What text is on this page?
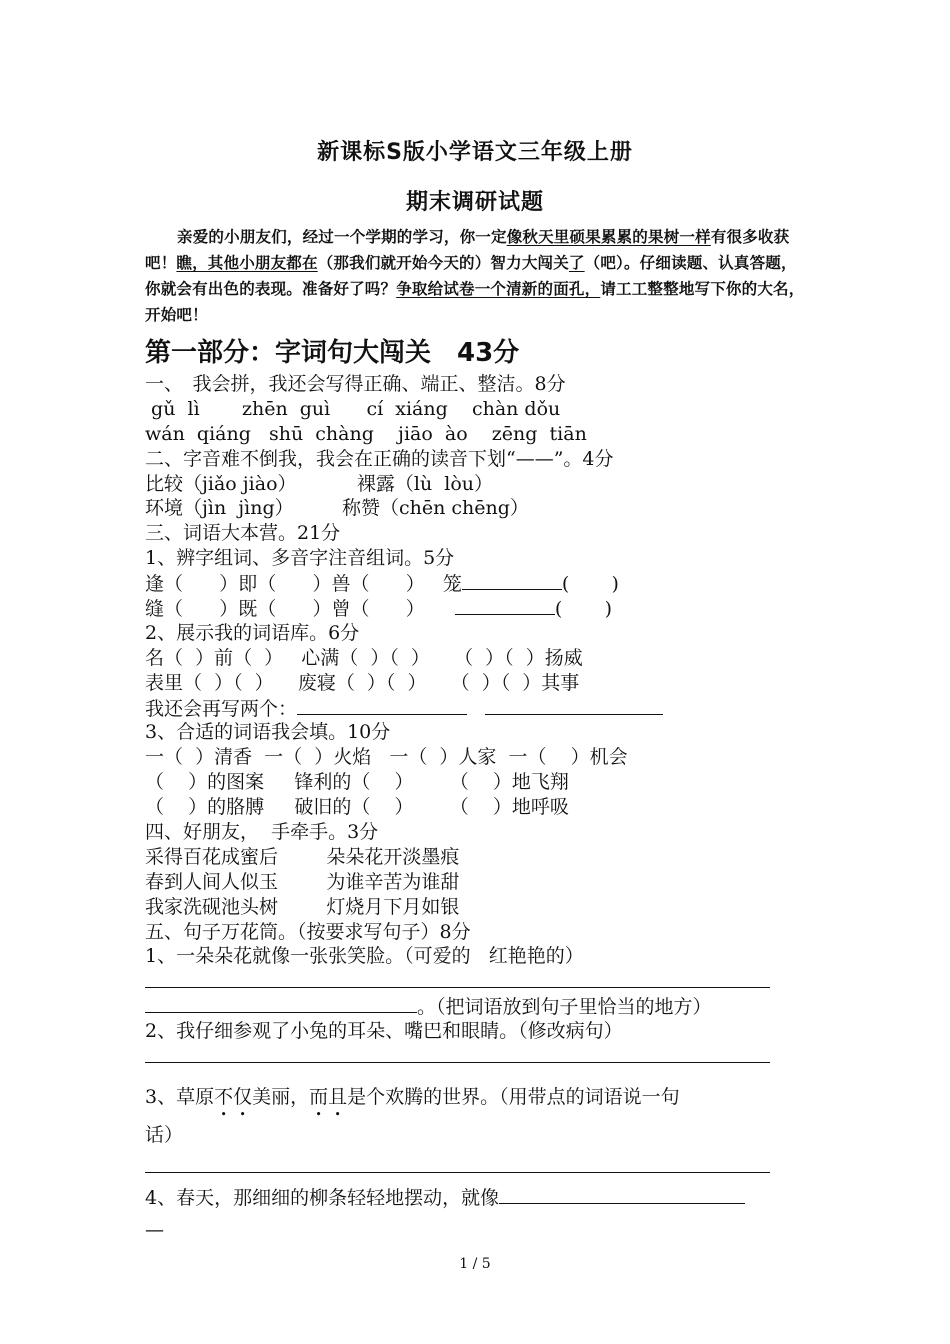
新课标S版小学语文三年级上册
期末调研试题
亲爱的小朋友们，经过一个学期的学习，你一定像秋天里硕果累累的果树一样有很多收获吧！瞧，其他小朋友都在（那我们就开始今天的）智力大闯关了（吧）。仔细读题、认真答题，你就会有出色的表现。准备好了吗？争取给试卷一个清新的面孔，请工工整整地写下你的大名，开始吧！
第一部分：字词句大闯关　43分
一、　我会拼，我还会写得正确、端正、整洁。8分
gǔ  lì       zhēn  guì      cí  xiáng    chàn dǒu
wán  qiáng   shū  chàng    jiāo  ào    zēng  tiān
二、字音难不倒我，我会在正确的读音下划“——”。4分
比较（jiǎo jiào）          裸露（lù  lòu）
环境（jìn  jìng）        称赞（chēn chēng）
三、词语大本营。21分
1、辨字组词、多音字注音组词。5分
逢（      ）即（      ）兽（      ）   笼	(       )
缝（      ）既（      ）曾（      ）	(       )
2、展示我的词语库。6分
名（  ）前（  ）   心满（  ）（  ）    （  ）（  ）扬威
表里（  ）（  ）    废寝（  ）（  ）    （  ）（  ）其事
我还会再写两个：
3、合适的词语我会填。10分
一（  ）清香  一（  ）火焰   一（  ）人家  一（    ）机会
（    ）的图案     锋利的（    ）      （    ）地飞翔
（    ）的胳膊     破旧的（    ）      （    ）地呼吸
四、好朋友，  手牵手。3分
采得百花成蜜后        朵朵花开淡墨痕
春到人间人似玉        为谁辛苦为谁甜
我家洗砚池头树        灯烧月下月如银
五、句子万花筒。（按要求写句子）8分
1、一朵朵花就像一张张笑脸。（可爱的   红艳艳的）
。（把词语放到句子里恰当的地方）
2、我仔细参观了小兔的耳朵、嘴巴和眼睛。（修改病句）
3、草原不仅美丽，而且是个欢腾的世界。（用带点的词语说一句
话）
4、春天，那细细的柳条轻轻地摆动，就像
—
1 / 5
